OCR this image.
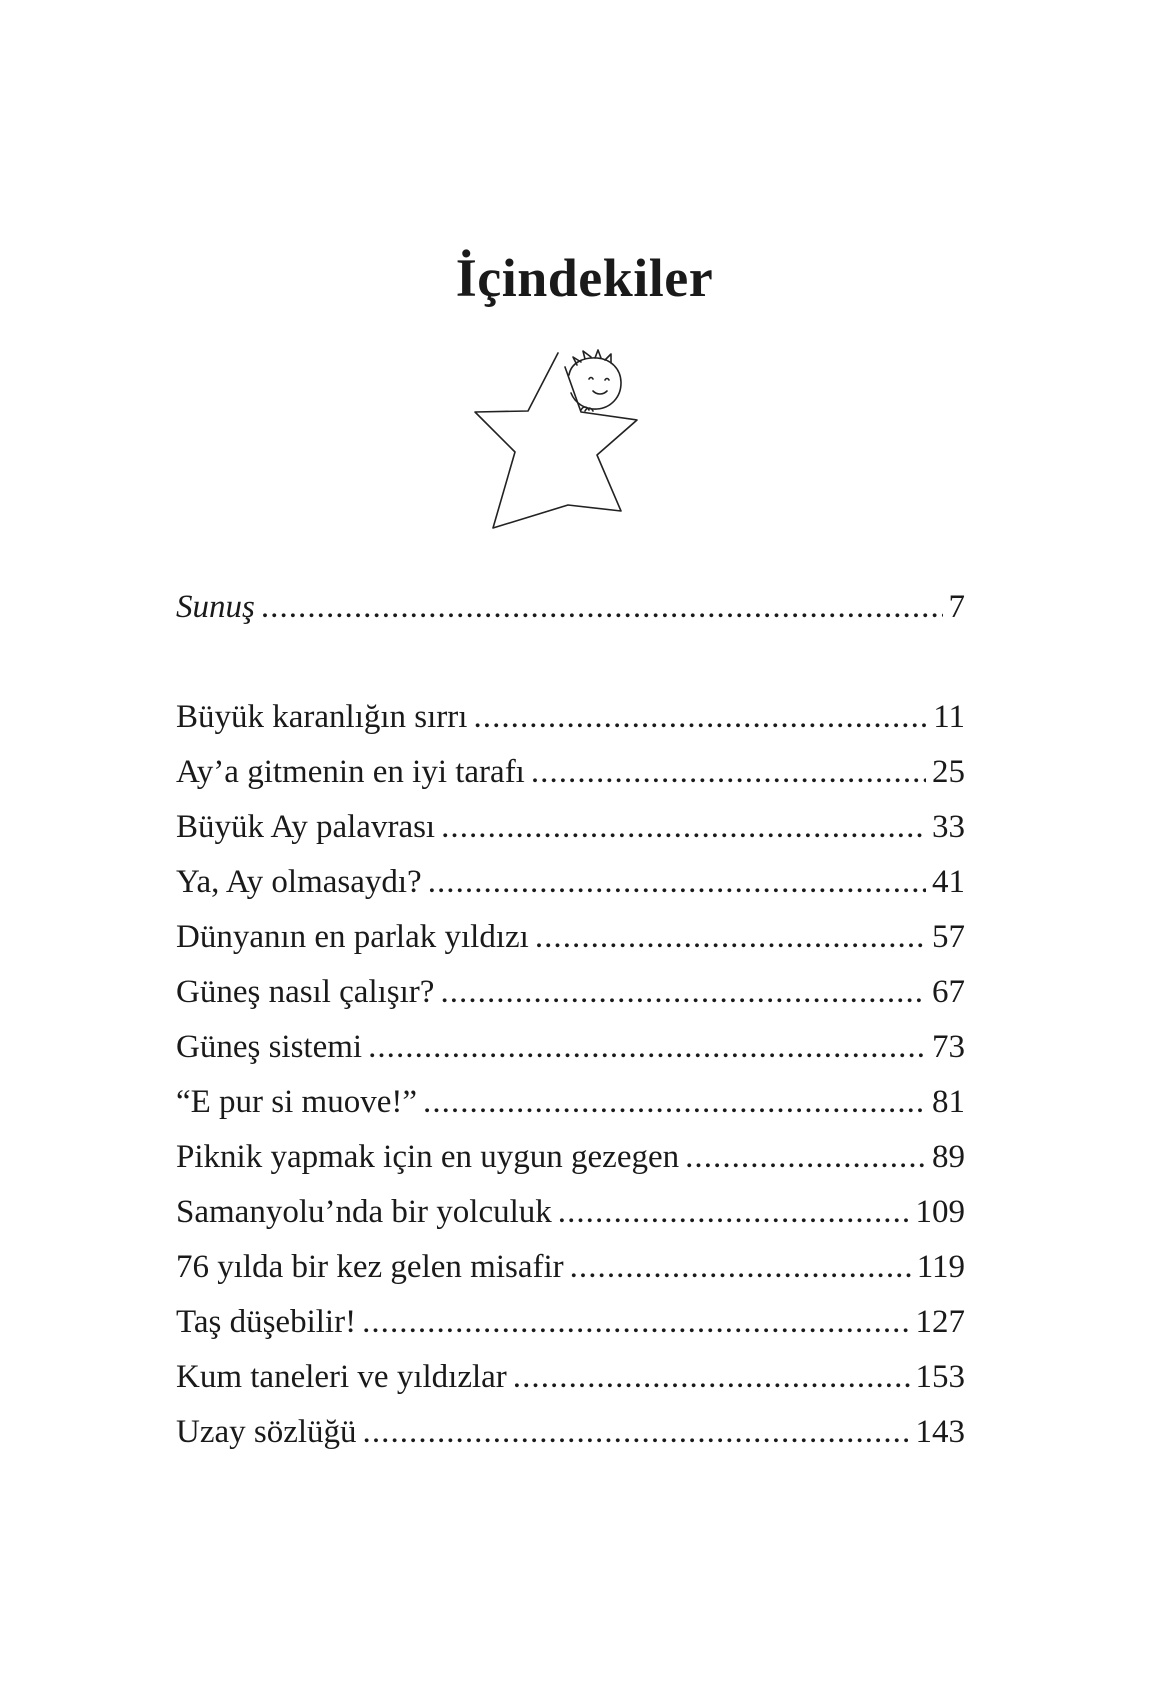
İçindekiler
Sunuş . . .	7
Büyük karanlığın sırrı . . .	11
Ay’a gitmenin en iyi tarafı . . .	25
Büyük Ay palavrası . . .	33
Ya, Ay olmasaydı? . . .	41
Dünyanın en parlak yıldızı . . .	57
Güneş nasıl çalışır? . . .	67
Güneş sistemi . . .	73
“E pur si muove!” . . .	81
Piknik yapmak için en uygun gezegen . . .	89
Samanyolu’nda bir yolculuk . . .	109
76 yılda bir kez gelen misafir . . .	119
Taş düşebilir! . . .	127
Kum taneleri ve yıldızlar . . .	153
Uzay sözlüğü . . .	143
